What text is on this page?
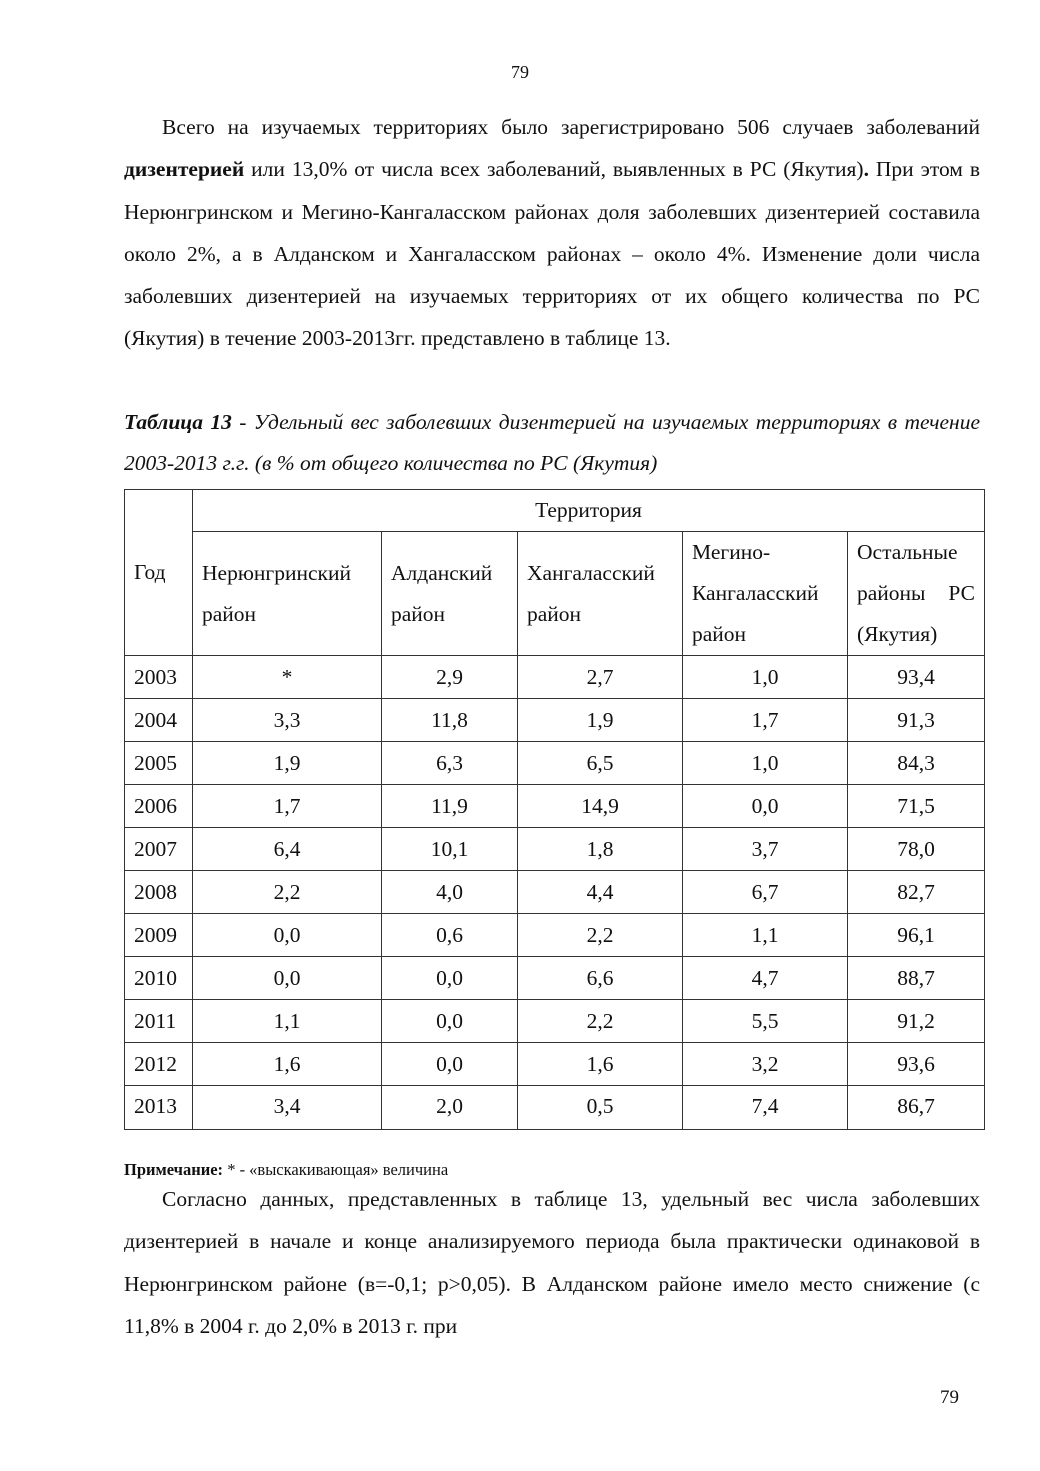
79

Всего на изучаемых территориях было зарегистрировано 506 случаев заболеваний дизентерией или 13,0% от числа всех заболеваний, выявленных в РС (Якутия). При этом в Нерюнгринском и Мегино-Кангаласском районах доля заболевших дизентерией составила около 2%, а в Алданском и Хангаласском районах – около 4%. Изменение доли числа заболевших дизентерией на изучаемых территориях от их общего количества по РС (Якутия) в течение 2003-2013гг. представлено в таблице 13.

Таблица 13 - Удельный вес заболевших дизентерией на изучаемых территориях в течение 2003-2013 г.г. (в % от общего количества по РС (Якутия)

Год	Территория				
	Нерюнгринский район	Алданский район	Хангаласский район	Мегино-Кангаласский район	Остальные районы РС (Якутия)
2003	*	2,9	2,7	1,0	93,4
2004	3,3	11,8	1,9	1,7	91,3
2005	1,9	6,3	6,5	1,0	84,3
2006	1,7	11,9	14,9	0,0	71,5
2007	6,4	10,1	1,8	3,7	78,0
2008	2,2	4,0	4,4	6,7	82,7
2009	0,0	0,6	2,2	1,1	96,1
2010	0,0	0,0	6,6	4,7	88,7
2011	1,1	0,0	2,2	5,5	91,2
2012	1,6	0,0	1,6	3,2	93,6
2013	3,4	2,0	0,5	7,4	86,7
Примечание: * - «выскакивающая» величина

Согласно данных, представленных в таблице 13, удельный вес числа заболевших дизентерией в начале и конце анализируемого периода была практически одинаковой в Нерюнгринском районе (в=-0,1; р>0,05). В Алданском районе имело место снижение (с 11,8% в 2004 г. до 2,0% в 2013 г. при

79
